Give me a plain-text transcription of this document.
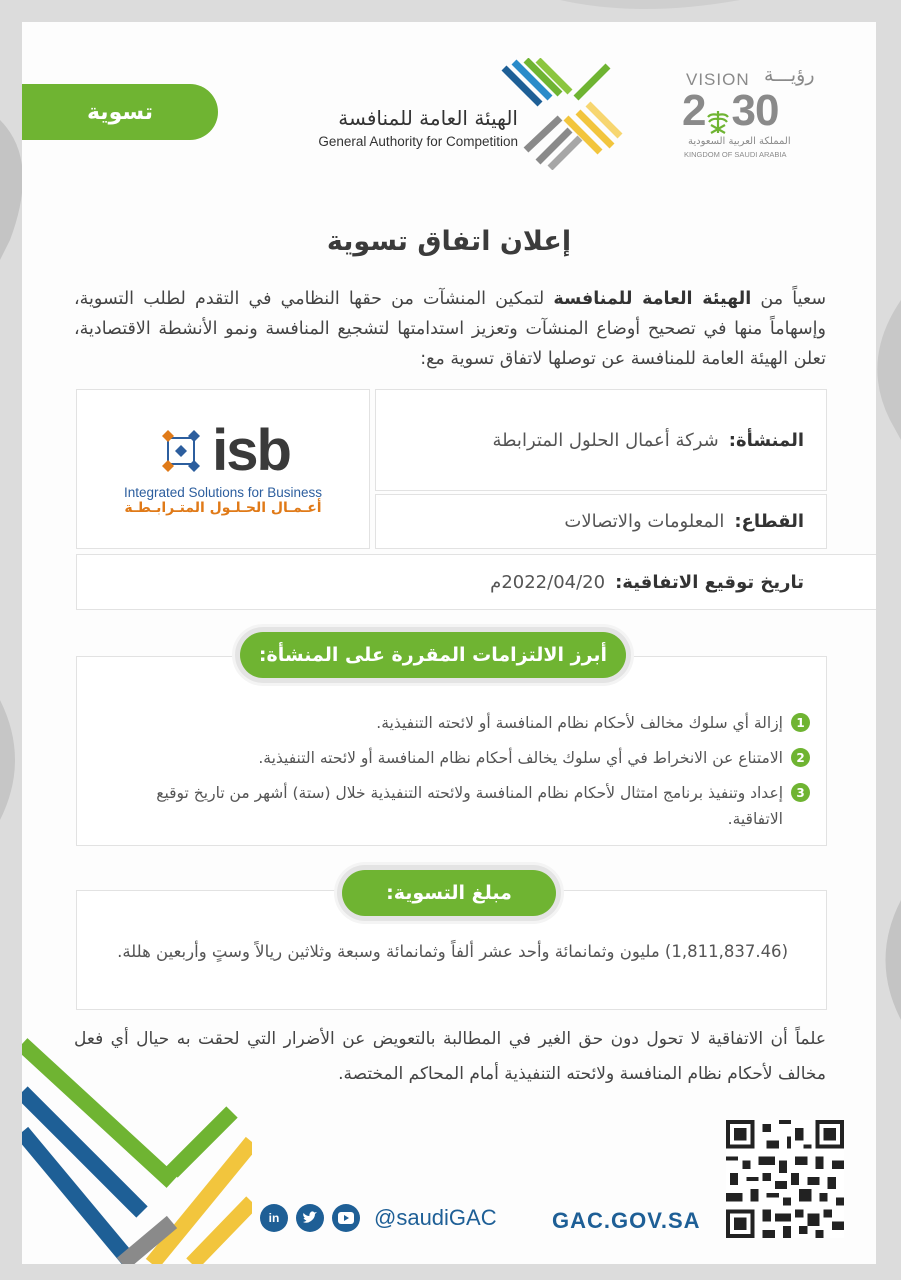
تسوية	الهيئة العامة للمنافسة
General Authority for Competition
VISION رؤيـــة
2 30
المملكة العربية السعودية
KINGDOM OF SAUDI ARABIA
إعلان اتفاق تسوية
سعياً من الهيئة العامة للمنافسة لتمكين المنشآت من حقها النظامي في التقدم لطلب التسوية، وإسهاماً منها في تصحيح أوضاع المنشآت وتعزيز استدامتها لتشجيع المنافسة ونمو الأنشطة الاقتصادية، تعلن الهيئة العامة للمنافسة عن توصلها لاتفاق تسوية مع:
isb
Integrated Solutions for Business
أعـمـال الحـلـول المتـرابـطـة
المنشأة:
شركة أعمال الحلول المترابطة
القطاع:
المعلومات والاتصالات
تاريخ توقيع الاتفاقية:
2022/04/20م
أبرز الالتزامات المقررة على المنشأة:
1
إزالة أي سلوك مخالف لأحكام نظام المنافسة أو لائحته التنفيذية.
2
الامتناع عن الانخراط في أي سلوك يخالف أحكام نظام المنافسة أو لائحته التنفيذية.
3
إعداد وتنفيذ برنامج امتثال لأحكام نظام المنافسة ولائحته التنفيذية خلال (ستة) أشهر من تاريخ توقيع الاتفاقية.
مبلغ التسوية:
(1,811,837.46) مليون وثمانمائة وأحد عشر ألفاً وثمانمائة وسبعة وثلاثين ريالاً وستٍ وأربعين هللة.
علماً أن الاتفاقية لا تحول دون حق الغير في المطالبة بالتعويض عن الأضرار التي لحقت به حيال أي فعل مخالف لأحكام نظام المنافسة ولائحته التنفيذية أمام المحاكم المختصة.
in	@saudiGAC	GAC.GOV.SA
